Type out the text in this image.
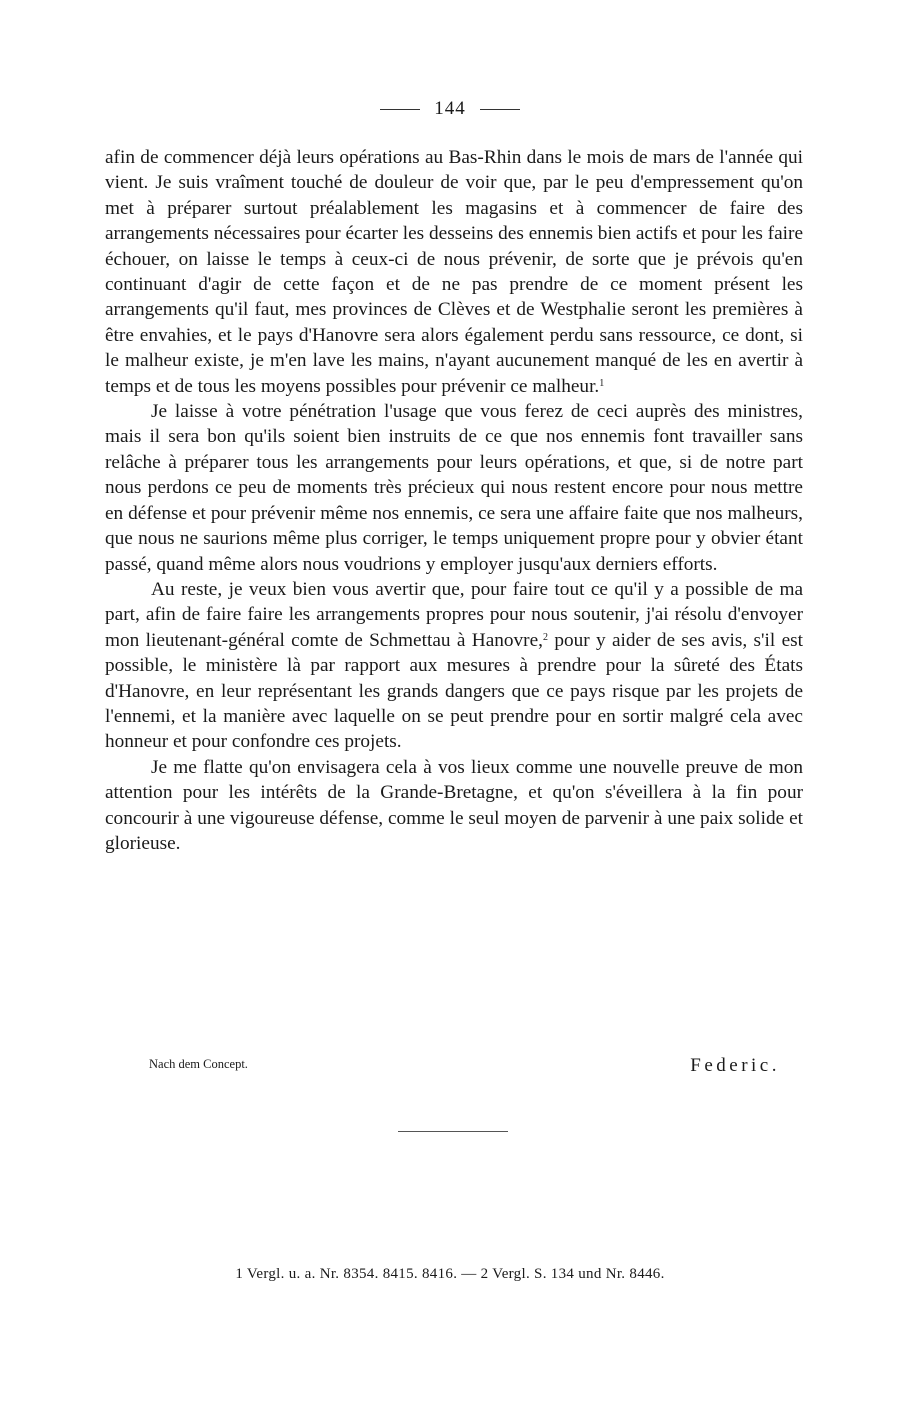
144

afin de commencer déjà leurs opérations au Bas-Rhin dans le mois de mars de l'année qui vient. Je suis vraîment touché de douleur de voir que, par le peu d'empressement qu'on met à préparer surtout préalablement les magasins et à commencer de faire des arrangements nécessaires pour écarter les desseins des ennemis bien actifs et pour les faire échouer, on laisse le temps à ceux-ci de nous prévenir, de sorte que je prévois qu'en continuant d'agir de cette façon et de ne pas prendre de ce moment présent les arrangements qu'il faut, mes provinces de Clèves et de Westphalie seront les premières à être envahies, et le pays d'Hanovre sera alors également perdu sans ressource, ce dont, si le malheur existe, je m'en lave les mains, n'ayant aucunement manqué de les en avertir à temps et de tous les moyens possibles pour prévenir ce malheur.$^1$

Je laisse à votre pénétration l'usage que vous ferez de ceci auprès des ministres, mais il sera bon qu'ils soient bien instruits de ce que nos ennemis font travailler sans relâche à préparer tous les arrangements pour leurs opérations, et que, si de notre part nous perdons ce peu de moments très précieux qui nous restent encore pour nous mettre en défense et pour prévenir même nos ennemis, ce sera une affaire faite que nos malheurs, que nous ne saurions même plus corriger, le temps uniquement propre pour y obvier étant passé, quand même alors nous voudrions y employer jusqu'aux derniers efforts.

Au reste, je veux bien vous avertir que, pour faire tout ce qu'il y a possible de ma part, afin de faire faire les arrangements propres pour nous soutenir, j'ai résolu d'envoyer mon lieutenant-général comte de Schmettau à Hanovre,$^2$ pour y aider de ses avis, s'il est possible, le ministère là par rapport aux mesures à prendre pour la sûreté des États d'Hanovre, en leur représentant les grands dangers que ce pays risque par les projets de l'ennemi, et la manière avec laquelle on se peut prendre pour en sortir malgré cela avec honneur et pour confondre ces projets.

Je me flatte qu'on envisagera cela à vos lieux comme une nouvelle preuve de mon attention pour les intérêts de la Grande-Bretagne, et qu'on s'éveillera à la fin pour concourir à une vigoureuse défense, comme le seul moyen de parvenir à une paix solide et glorieuse.

Nach dem Concept.	Federic.
1 Vergl. u. a. Nr. 8354. 8415. 8416. — 2 Vergl. S. 134 und Nr. 8446.
